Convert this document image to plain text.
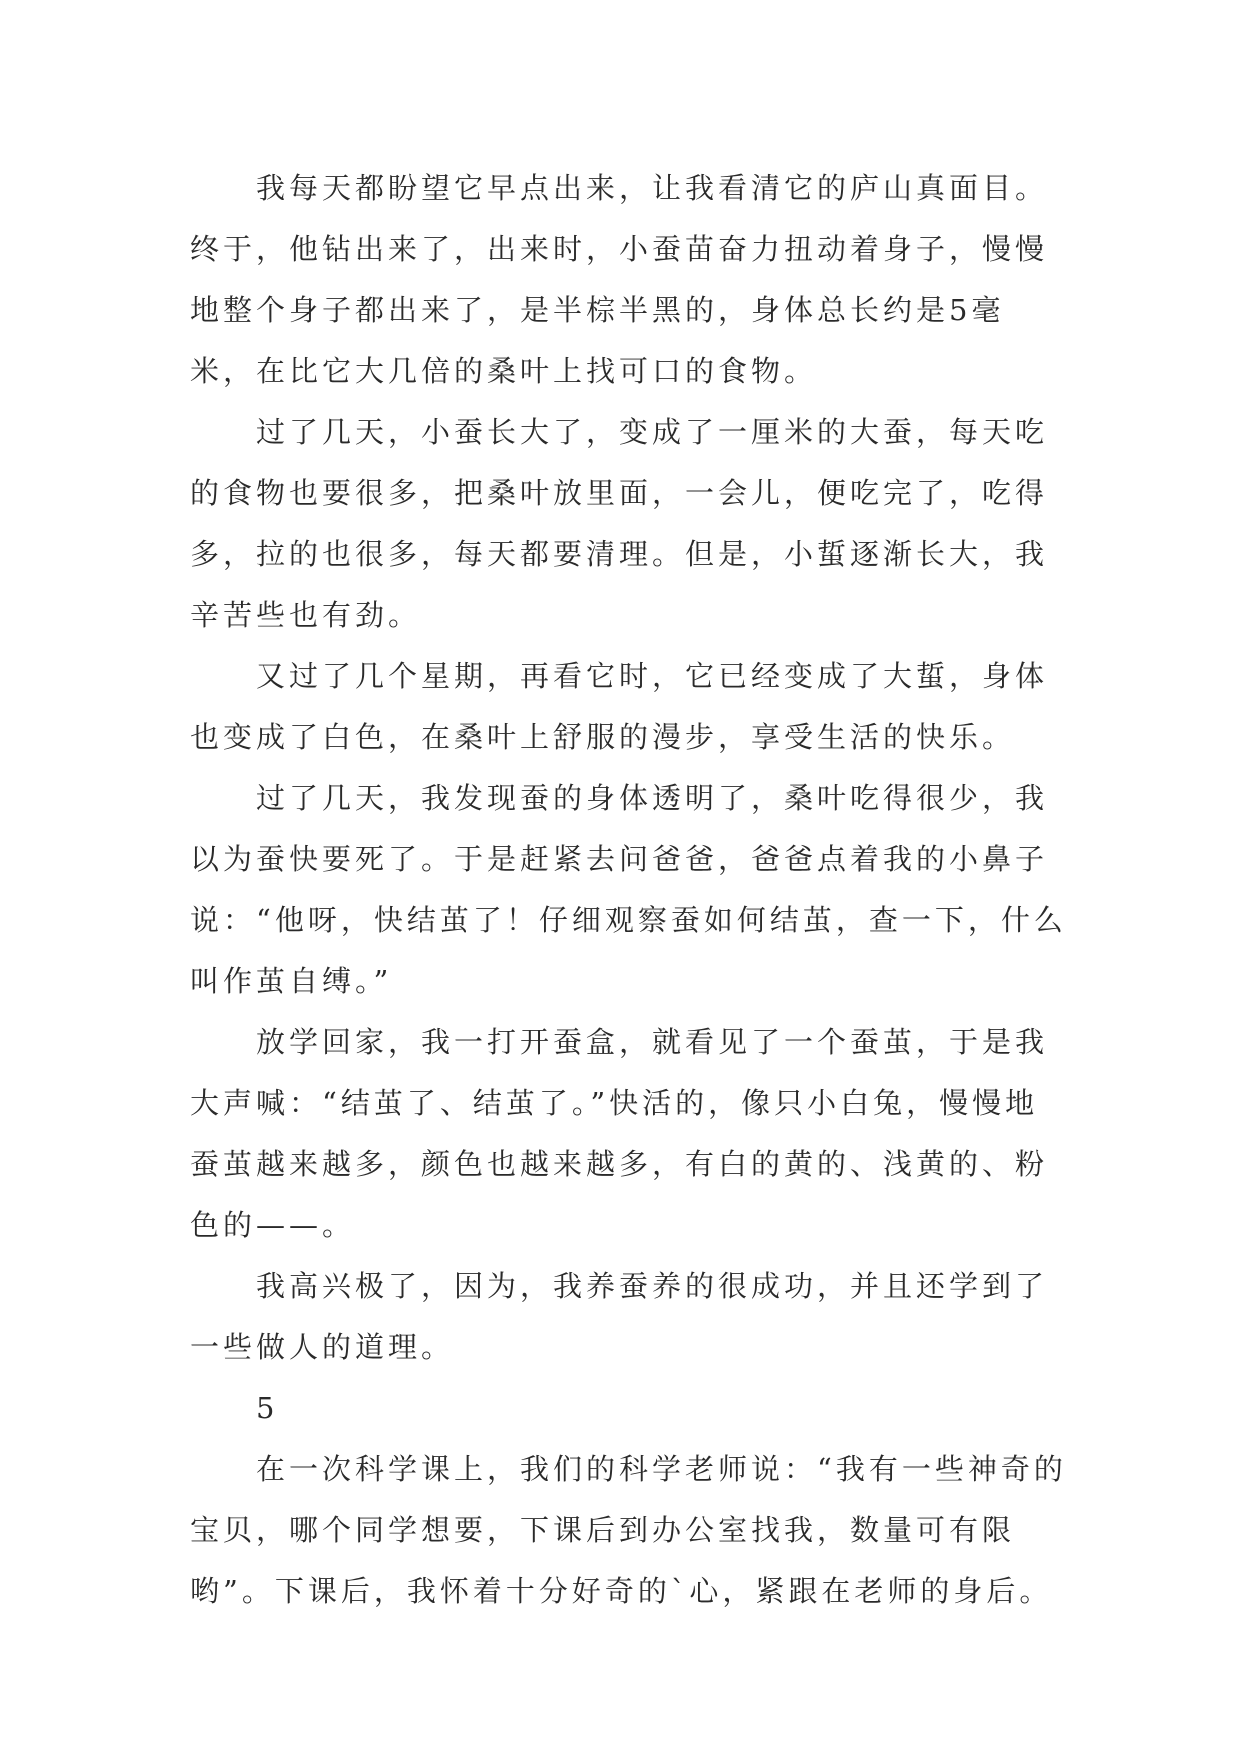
我每天都盼望它早点出来，让我看清它的庐山真面目。终于，他钻出来了，出来时，小蚕苗奋力扭动着身子，慢慢地整个身子都出来了，是半棕半黑的，身体总长约是5毫米，在比它大几倍的桑叶上找可口的食物。

过了几天，小蚕长大了，变成了一厘米的大蚕，每天吃的食物也要很多，把桑叶放里面，一会儿，便吃完了，吃得多，拉的也很多，每天都要清理。但是，小蜇逐渐长大，我辛苦些也有劲。

又过了几个星期，再看它时，它已经变成了大蜇，身体也变成了白色，在桑叶上舒服的漫步，享受生活的快乐。

过了几天，我发现蚕的身体透明了，桑叶吃得很少，我以为蚕快要死了。于是赶紧去问爸爸，爸爸点着我的小鼻子说：“他呀，快结茧了！仔细观察蚕如何结茧，查一下，什么叫作茧自缚。”

放学回家，我一打开蚕盒，就看见了一个蚕茧，于是我大声喊：“结茧了、结茧了。”快活的，像只小白兔，慢慢地蚕茧越来越多，颜色也越来越多，有白的黄的、浅黄的、粉色的——。

我高兴极了，因为，我养蚕养的很成功，并且还学到了一些做人的道理。

5

在一次科学课上，我们的科学老师说：“我有一些神奇的宝贝，哪个同学想要，下课后到办公室找我，数量可有限哟”。下课后，我怀着十分好奇的`心，紧跟在老师的身后。
